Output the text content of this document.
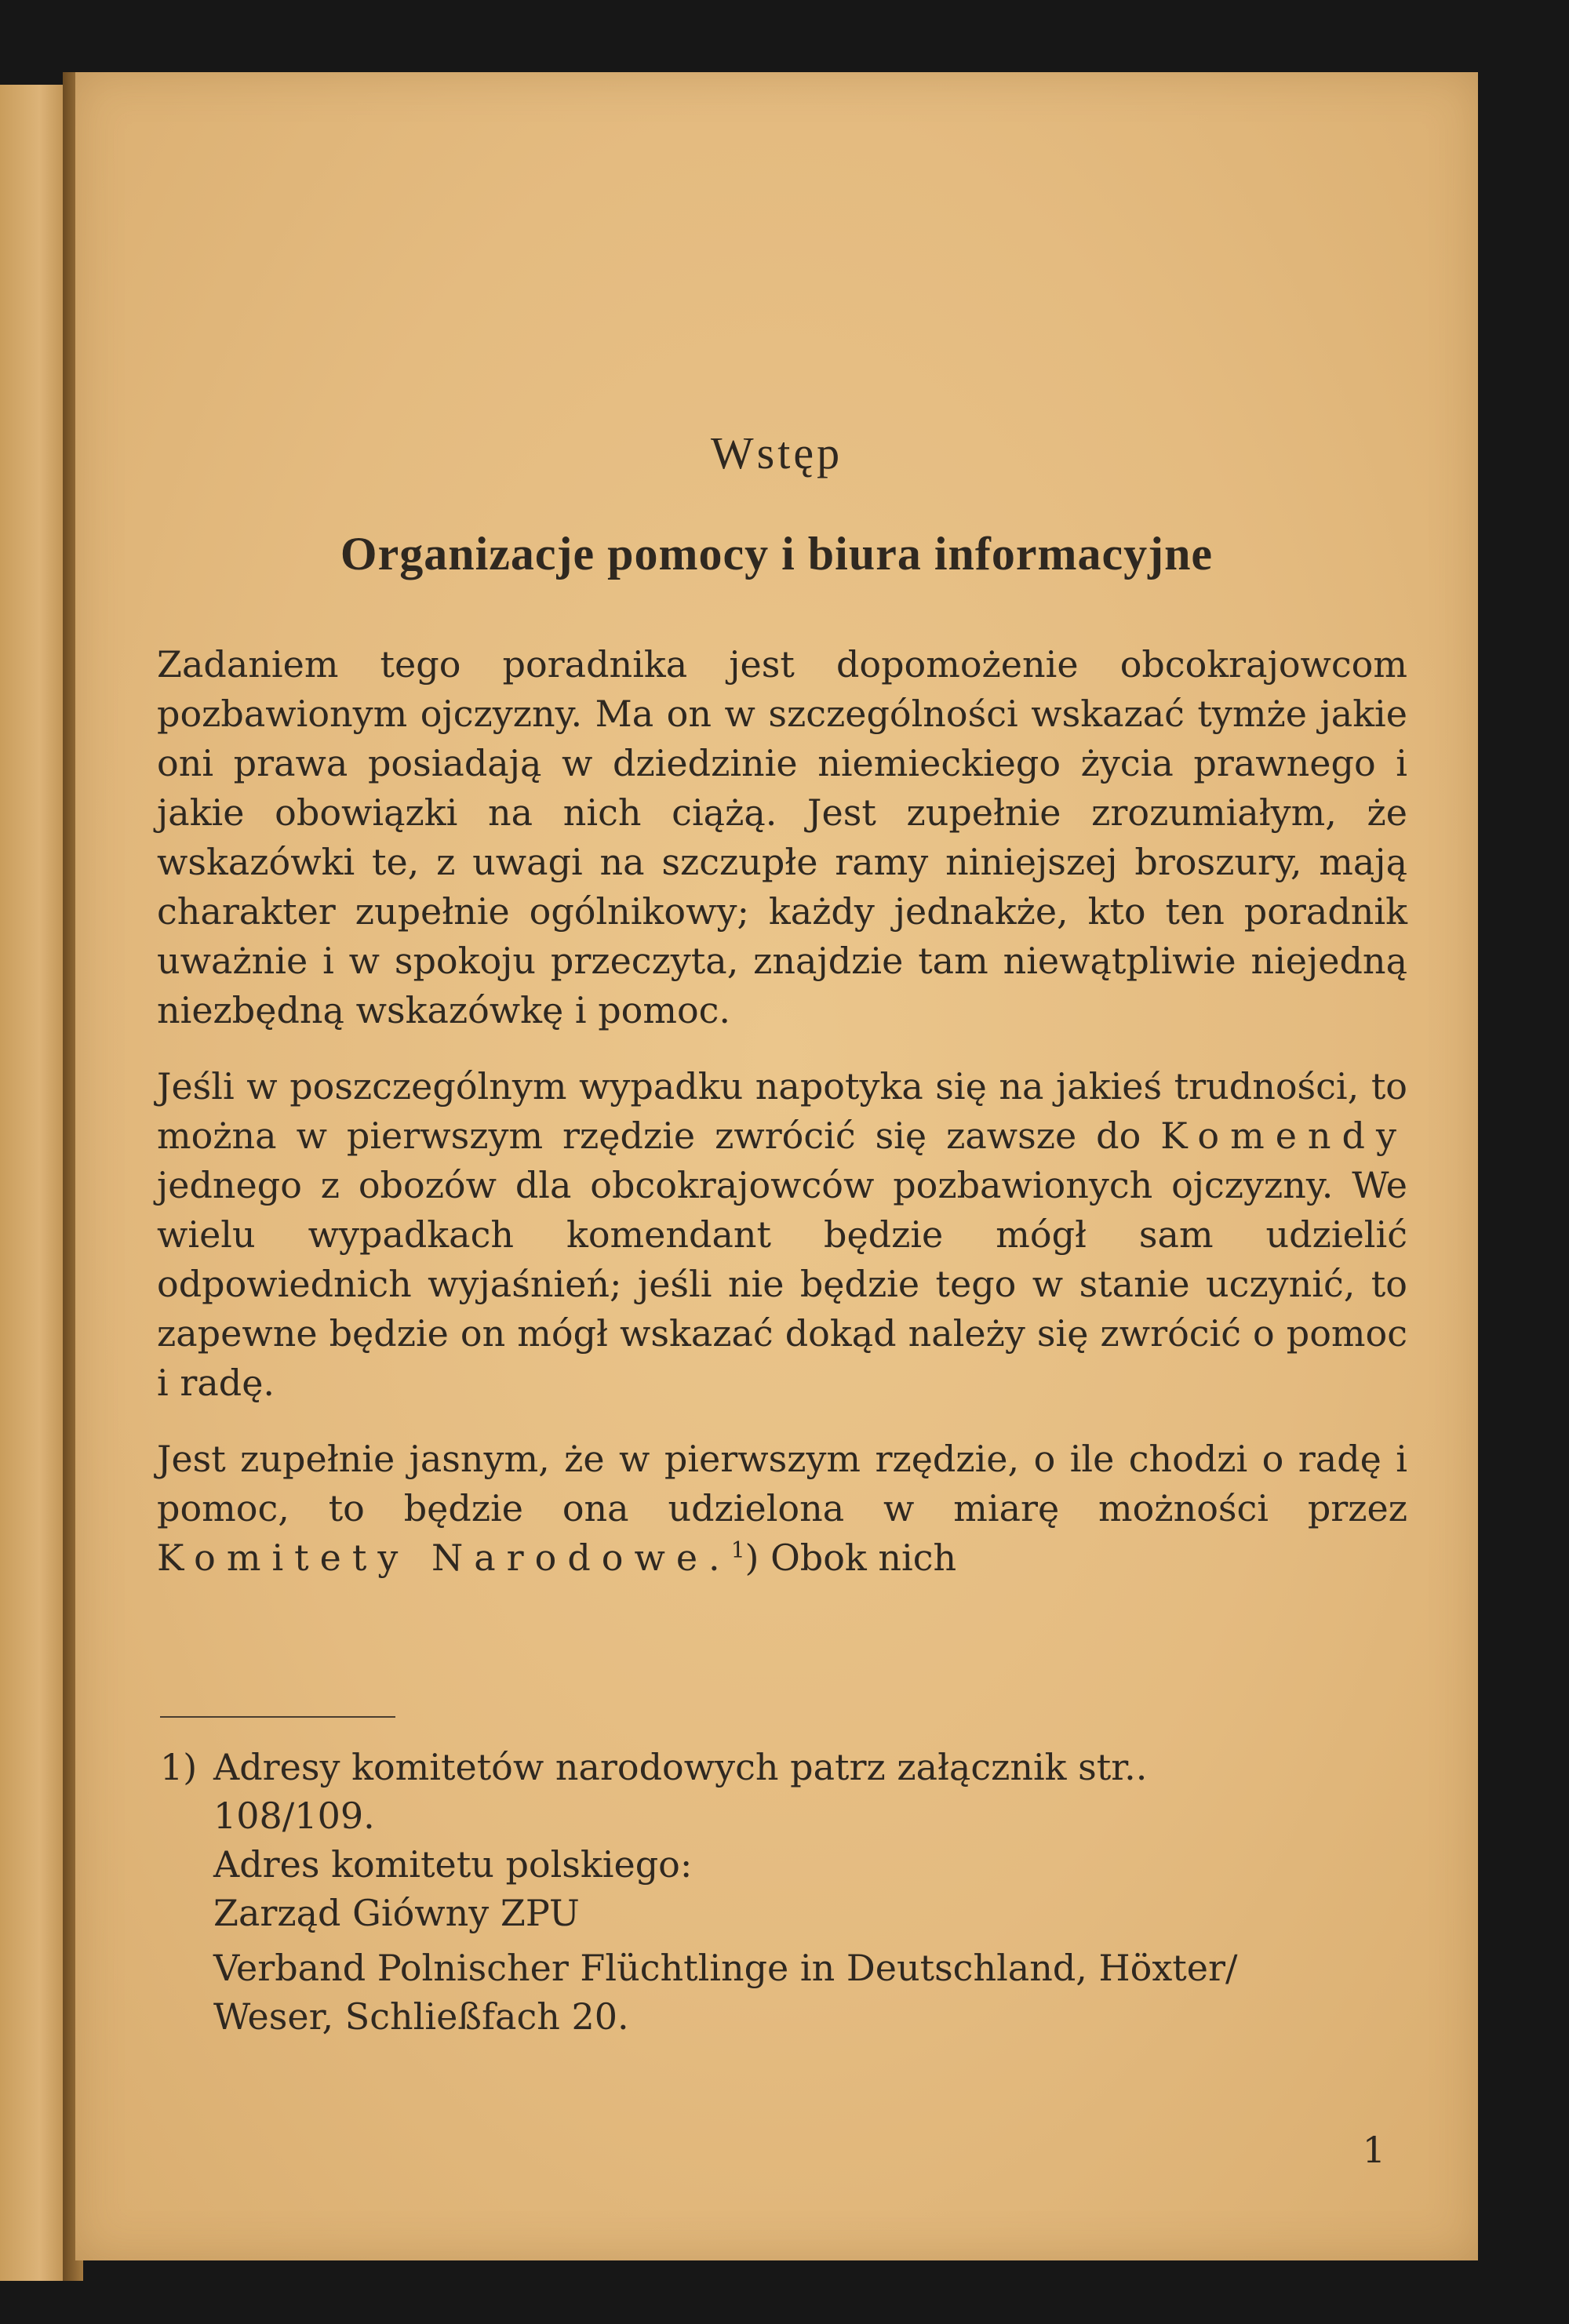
Wstęp
Organizacje pomocy i biura informacyjne

Zadaniem tego poradnika jest dopomożenie obcokrajowcom pozbawionym ojczyzny. Ma on w szczególności wskazać tymże jakie oni prawa posiadają w dziedzinie niemieckiego życia prawnego i jakie obowiązki na nich ciążą. Jest zupełnie zrozumiałym, że wskazówki te, z uwagi na szczupłe ramy niniejszej broszury, mają charakter zupełnie ogólnikowy; każdy jednakże, kto ten poradnik uważnie i w spokoju przeczyta, znajdzie tam niewątpliwie niejedną niezbędną wskazówkę i pomoc.

Jeśli w poszczególnym wypadku napotyka się na jakieś trudności, to można w pierwszym rzędzie zwrócić się zawsze do Komendy jednego z obozów dla obcokrajowców pozbawionych ojczyzny. We wielu wypadkach komendant będzie mógł sam udzielić odpowiednich wyjaśnień; jeśli nie będzie tego w stanie uczynić, to zapewne będzie on mógł wskazać dokąd należy się zwrócić o pomoc i radę.

Jest zupełnie jasnym, że w pierwszym rzędzie, o ile chodzi o radę i pomoc, to będzie ona udzielona w miarę możności przez Komitety Narodowe.$^1$) Obok nich

1) Adresy komitetów narodowych patrz załącznik str..
108/109.
Adres komitetu polskiego:
Zarząd Gіówny ZPU
Verband Polnischer Flüchtlinge in Deutschland, Höxter/
Weser, Schließfach 20.
1
